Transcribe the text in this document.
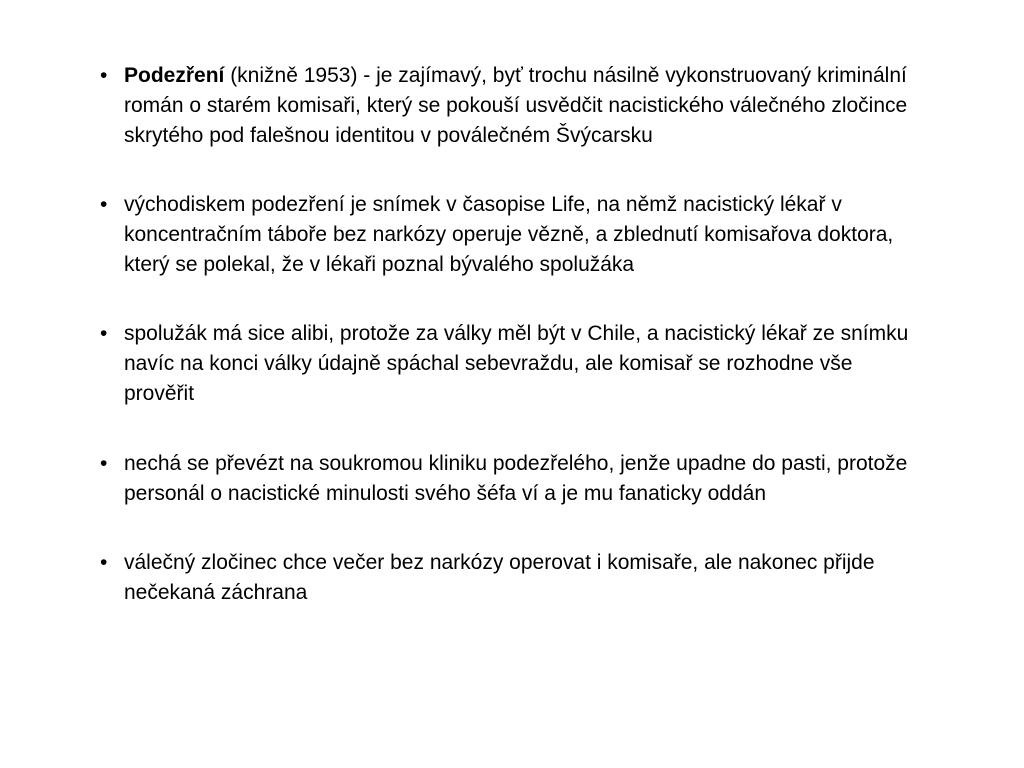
• Podezření (knižně 1953) - je zajímavý, byť trochu násilně vykonstruovaný kriminální román o starém komisaři, který se pokouší usvědčit nacistického válečného zločince skrytého pod falešnou identitou v poválečném Švýcarsku
• východiskem podezření je snímek v časopise Life, na němž nacistický lékař v koncentračním táboře bez narkózy operuje vězně, a zblednutí komisařova doktora, který se polekal, že v lékaři poznal bývalého spolužáka
• spolužák má sice alibi, protože za války měl být v Chile, a nacistický lékař ze snímku navíc na konci války údajně spáchal sebevraždu, ale komisař se rozhodne vše prověřit
• nechá se převézt na soukromou kliniku podezřelého, jenže upadne do pasti, protože personál o nacistické minulosti svého šéfa ví a je mu fanaticky oddán
• válečný zločinec chce večer bez narkózy operovat i komisaře, ale nakonec přijde nečekaná záchrana
